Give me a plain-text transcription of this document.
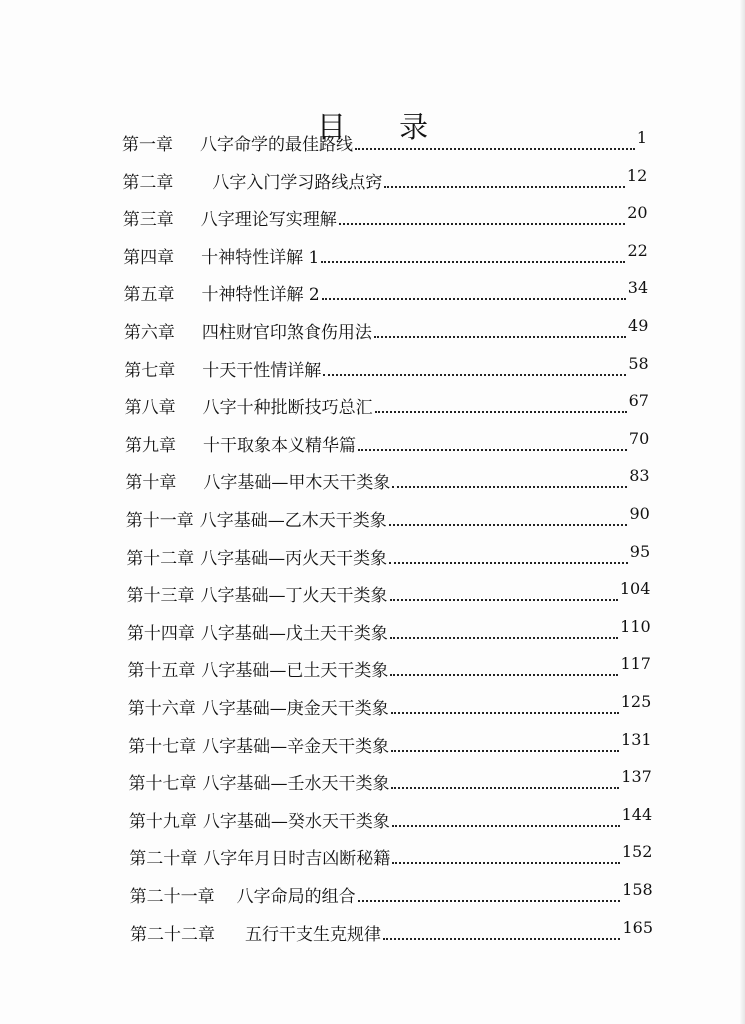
目 录
第一章	八字命学的最佳路线	1
第二章	八字入门学习路线点窍	12
第三章	八字理论写实理解	20
第四章	十神特性详解 1	22
第五章	十神特性详解 2	34
第六章	四柱财官印煞食伤用法	49
第七章	十天干性情详解	58
第八章	八字十种批断技巧总汇	67
第九章	十干取象本义精华篇	70
第十章	八字基础—甲木天干类象	83
第十一章 八字基础—乙木天干类象	90
第十二章 八字基础—丙火天干类象	95
第十三章 八字基础—丁火天干类象	104
第十四章 八字基础—戊土天干类象	110
第十五章 八字基础—已土天干类象	117
第十六章 八字基础—庚金天干类象	125
第十七章 八字基础—辛金天干类象	131
第十七章 八字基础—壬水天干类象	137
第十九章 八字基础—癸水天干类象	144
第二十章 八字年月日时吉凶断秘籍	152
第二十一章 八字命局的组合	158
第二十二章 五行干支生克规律	165
